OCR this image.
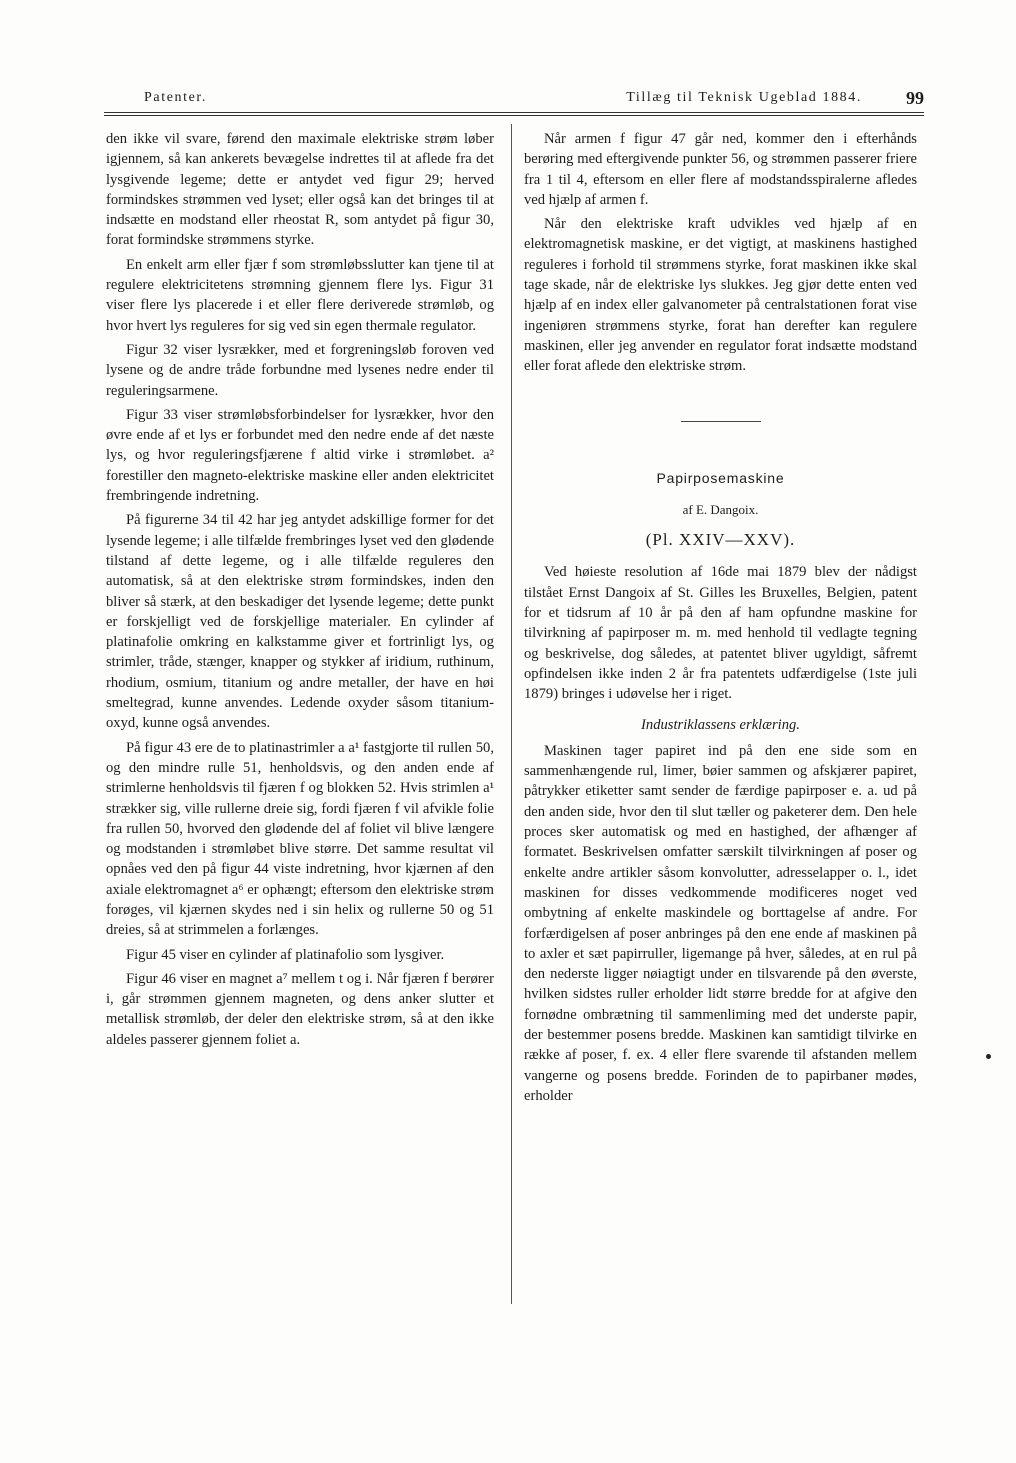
Patenter.	Tillæg til Teknisk Ugeblad 1884. 99

den ikke vil svare, førend den maximale elektriske strøm løber igjennem, så kan ankerets bevægelse indrettes til at aflede fra det lysgivende legeme; dette er antydet ved figur 29; herved formindskes strømmen ved lyset; eller også kan det bringes til at indsætte en modstand eller rheostat R, som antydet på figur 30, forat formindske strømmens styrke.

En enkelt arm eller fjær f som strømløbsslutter kan tjene til at regulere elektricitetens strømning gjennem flere lys. Figur 31 viser flere lys placerede i et eller flere deriverede strømløb, og hvor hvert lys reguleres for sig ved sin egen thermale regulator.

Figur 32 viser lysrækker, med et forgreningsløb foroven ved lysene og de andre tråde forbundne med lysenes nedre ender til reguleringsarmene.

Figur 33 viser strømløbsforbindelser for lysrækker, hvor den øvre ende af et lys er forbundet med den nedre ende af det næste lys, og hvor reguleringsfjærene f altid virke i strømløbet. a² forestiller den magneto-elektriske maskine eller anden elektricitet frembringende indretning.

På figurerne 34 til 42 har jeg antydet adskillige former for det lysende legeme; i alle tilfælde frembringes lyset ved den glødende tilstand af dette legeme, og i alle tilfælde reguleres den automatisk, så at den elektriske strøm formindskes, inden den bliver så stærk, at den beskadiger det lysende legeme; dette punkt er forskjelligt ved de forskjellige materialer. En cylinder af platinafolie omkring en kalkstamme giver et fortrinligt lys, og strimler, tråde, stænger, knapper og stykker af iridium, ruthinum, rhodium, osmium, titanium og andre metaller, der have en høi smeltegrad, kunne anvendes. Ledende oxyder såsom titanium-oxyd, kunne også anvendes.

På figur 43 ere de to platinastrimler a a¹ fastgjorte til rullen 50, og den mindre rulle 51, henholdsvis, og den anden ende af strimlerne henholdsvis til fjæren f og blokken 52. Hvis strimlen a¹ strækker sig, ville rullerne dreie sig, fordi fjæren f vil afvikle folie fra rullen 50, hvorved den glødende del af foliet vil blive længere og modstanden i strømløbet blive større. Det samme resultat vil opnåes ved den på figur 44 viste indretning, hvor kjærnen af den axiale elektromagnet a⁶ er ophængt; eftersom den elektriske strøm forøges, vil kjærnen skydes ned i sin helix og rullerne 50 og 51 dreies, så at strimmelen a forlænges.

Figur 45 viser en cylinder af platinafolio som lysgiver.

Figur 46 viser en magnet a⁷ mellem t og i. Når fjæren f berører i, går strømmen gjennem magneten, og dens anker slutter et metallisk strømløb, der deler den elektriske strøm, så at den ikke aldeles passerer gjennem foliet a.

Når armen f figur 47 går ned, kommer den i efterhånds berøring med eftergivende punkter 56, og strømmen passerer friere fra 1 til 4, eftersom en eller flere af modstandsspiralerne afledes ved hjælp af armen f.

Når den elektriske kraft udvikles ved hjælp af en elektromagnetisk maskine, er det vigtigt, at maskinens hastighed reguleres i forhold til strømmens styrke, forat maskinen ikke skal tage skade, når de elektriske lys slukkes. Jeg gjør dette enten ved hjælp af en index eller galvanometer på centralstationen forat vise ingeniøren strømmens styrke, forat han derefter kan regulere maskinen, eller jeg anvender en regulator forat indsætte modstand eller forat aflede den elektriske strøm.

Papirposemaskine
af E. Dangoix.
(Pl. XXIV—XXV).

Ved høieste resolution af 16de mai 1879 blev der nådigst tilstået Ernst Dangoix af St. Gilles les Bruxelles, Belgien, patent for et tidsrum af 10 år på den af ham opfundne maskine for tilvirkning af papirposer m. m. med henhold til vedlagte tegning og beskrivelse, dog således, at patentet bliver ugyldigt, såfremt opfindelsen ikke inden 2 år fra patentets udfærdigelse (1ste juli 1879) bringes i udøvelse her i riget.

Industriklassens erklæring.

Maskinen tager papiret ind på den ene side som en sammenhængende rul, limer, bøier sammen og afskjærer papiret, påtrykker etiketter samt sender de færdige papirposer e. a. ud på den anden side, hvor den til slut tæller og paketerer dem. Den hele proces sker automatisk og med en hastighed, der afhænger af formatet. Beskrivelsen omfatter særskilt tilvirkningen af poser og enkelte andre artikler såsom konvolutter, adresselapper o. l., idet maskinen for disses vedkommende modificeres noget ved ombytning af enkelte maskindele og borttagelse af andre. For forfærdigelsen af poser anbringes på den ene ende af maskinen på to axler et sæt papirruller, ligemange på hver, således, at en rul på den nederste ligger nøiagtigt under en tilsvarende på den øverste, hvilken sidstes ruller erholder lidt større bredde for at afgive den fornødne ombrætning til sammenliming med det underste papir, der bestemmer posens bredde. Maskinen kan samtidigt tilvirke en række af poser, f. ex. 4 eller flere svarende til afstanden mellem vangerne og posens bredde. Forinden de to papirbaner mødes, erholder
